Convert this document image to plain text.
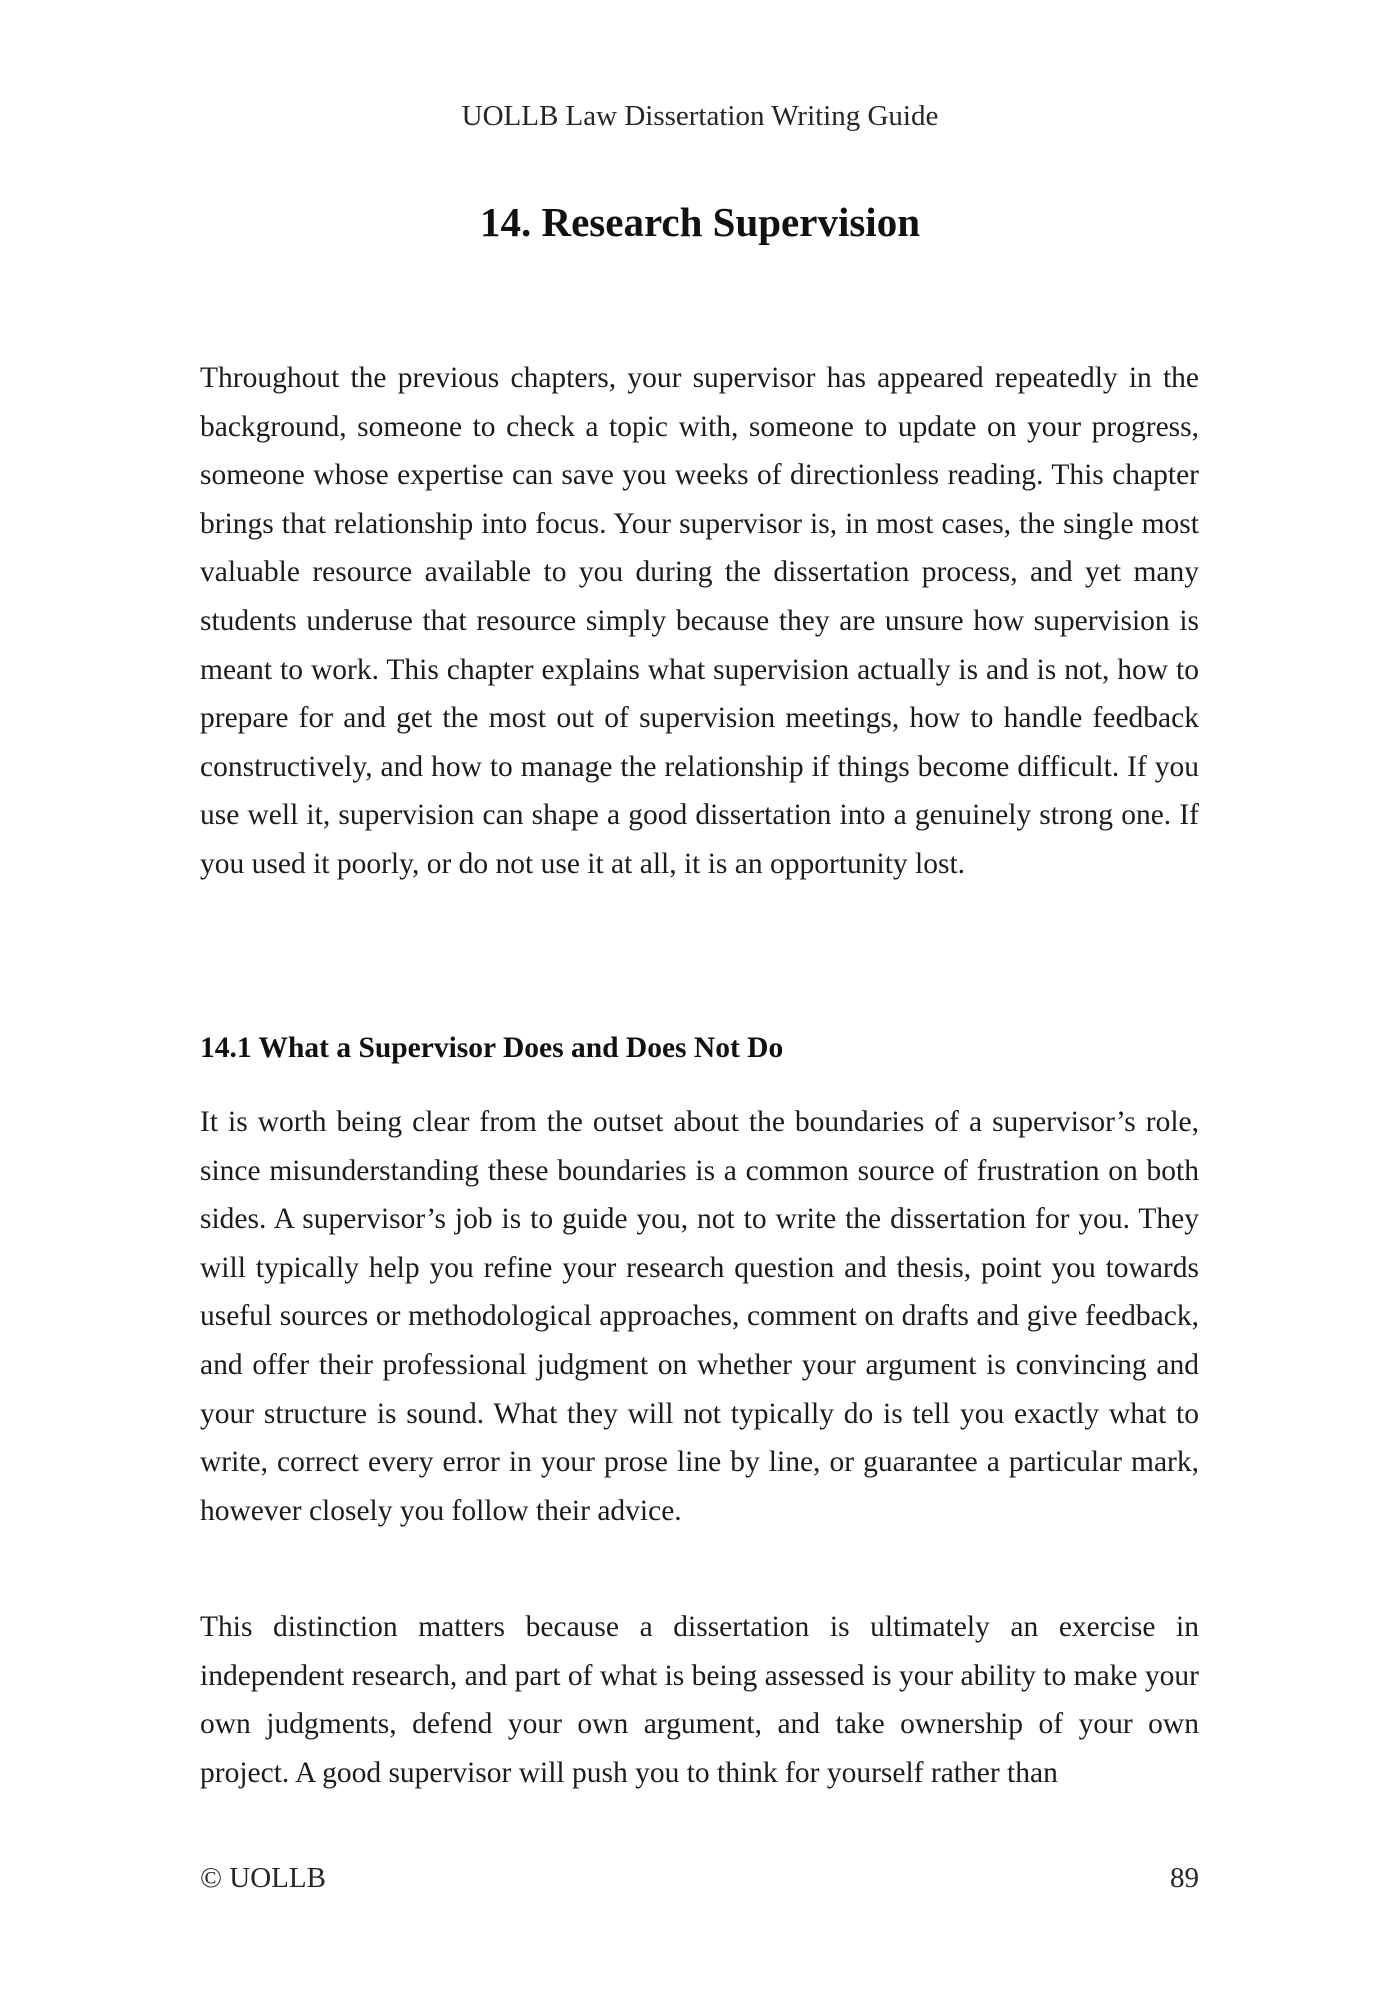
UOLLB Law Dissertation Writing Guide
14. Research Supervision

Throughout the previous chapters, your supervisor has appeared repeatedly in the background, someone to check a topic with, someone to update on your progress, someone whose expertise can save you weeks of directionless reading. This chapter brings that relationship into focus. Your supervisor is, in most cases, the single most valuable resource available to you during the dissertation process, and yet many students underuse that resource simply because they are unsure how supervision is meant to work. This chapter explains what supervision actually is and is not, how to prepare for and get the most out of supervision meetings, how to handle feedback constructively, and how to manage the relationship if things become difficult. If you use well it, supervision can shape a good dissertation into a genuinely strong one. If you used it poorly, or do not use it at all, it is an opportunity lost.

14.1 What a Supervisor Does and Does Not Do

It is worth being clear from the outset about the boundaries of a supervisor’s role, since misunderstanding these boundaries is a common source of frustration on both sides. A supervisor’s job is to guide you, not to write the dissertation for you. They will typically help you refine your research question and thesis, point you towards useful sources or methodological approaches, comment on drafts and give feedback, and offer their professional judgment on whether your argument is convincing and your structure is sound. What they will not typically do is tell you exactly what to write, correct every error in your prose line by line, or guarantee a particular mark, however closely you follow their advice.

This distinction matters because a dissertation is ultimately an exercise in independent research, and part of what is being assessed is your ability to make your own judgments, defend your own argument, and take ownership of your own project. A good supervisor will push you to think for yourself rather than

© UOLLB	89
